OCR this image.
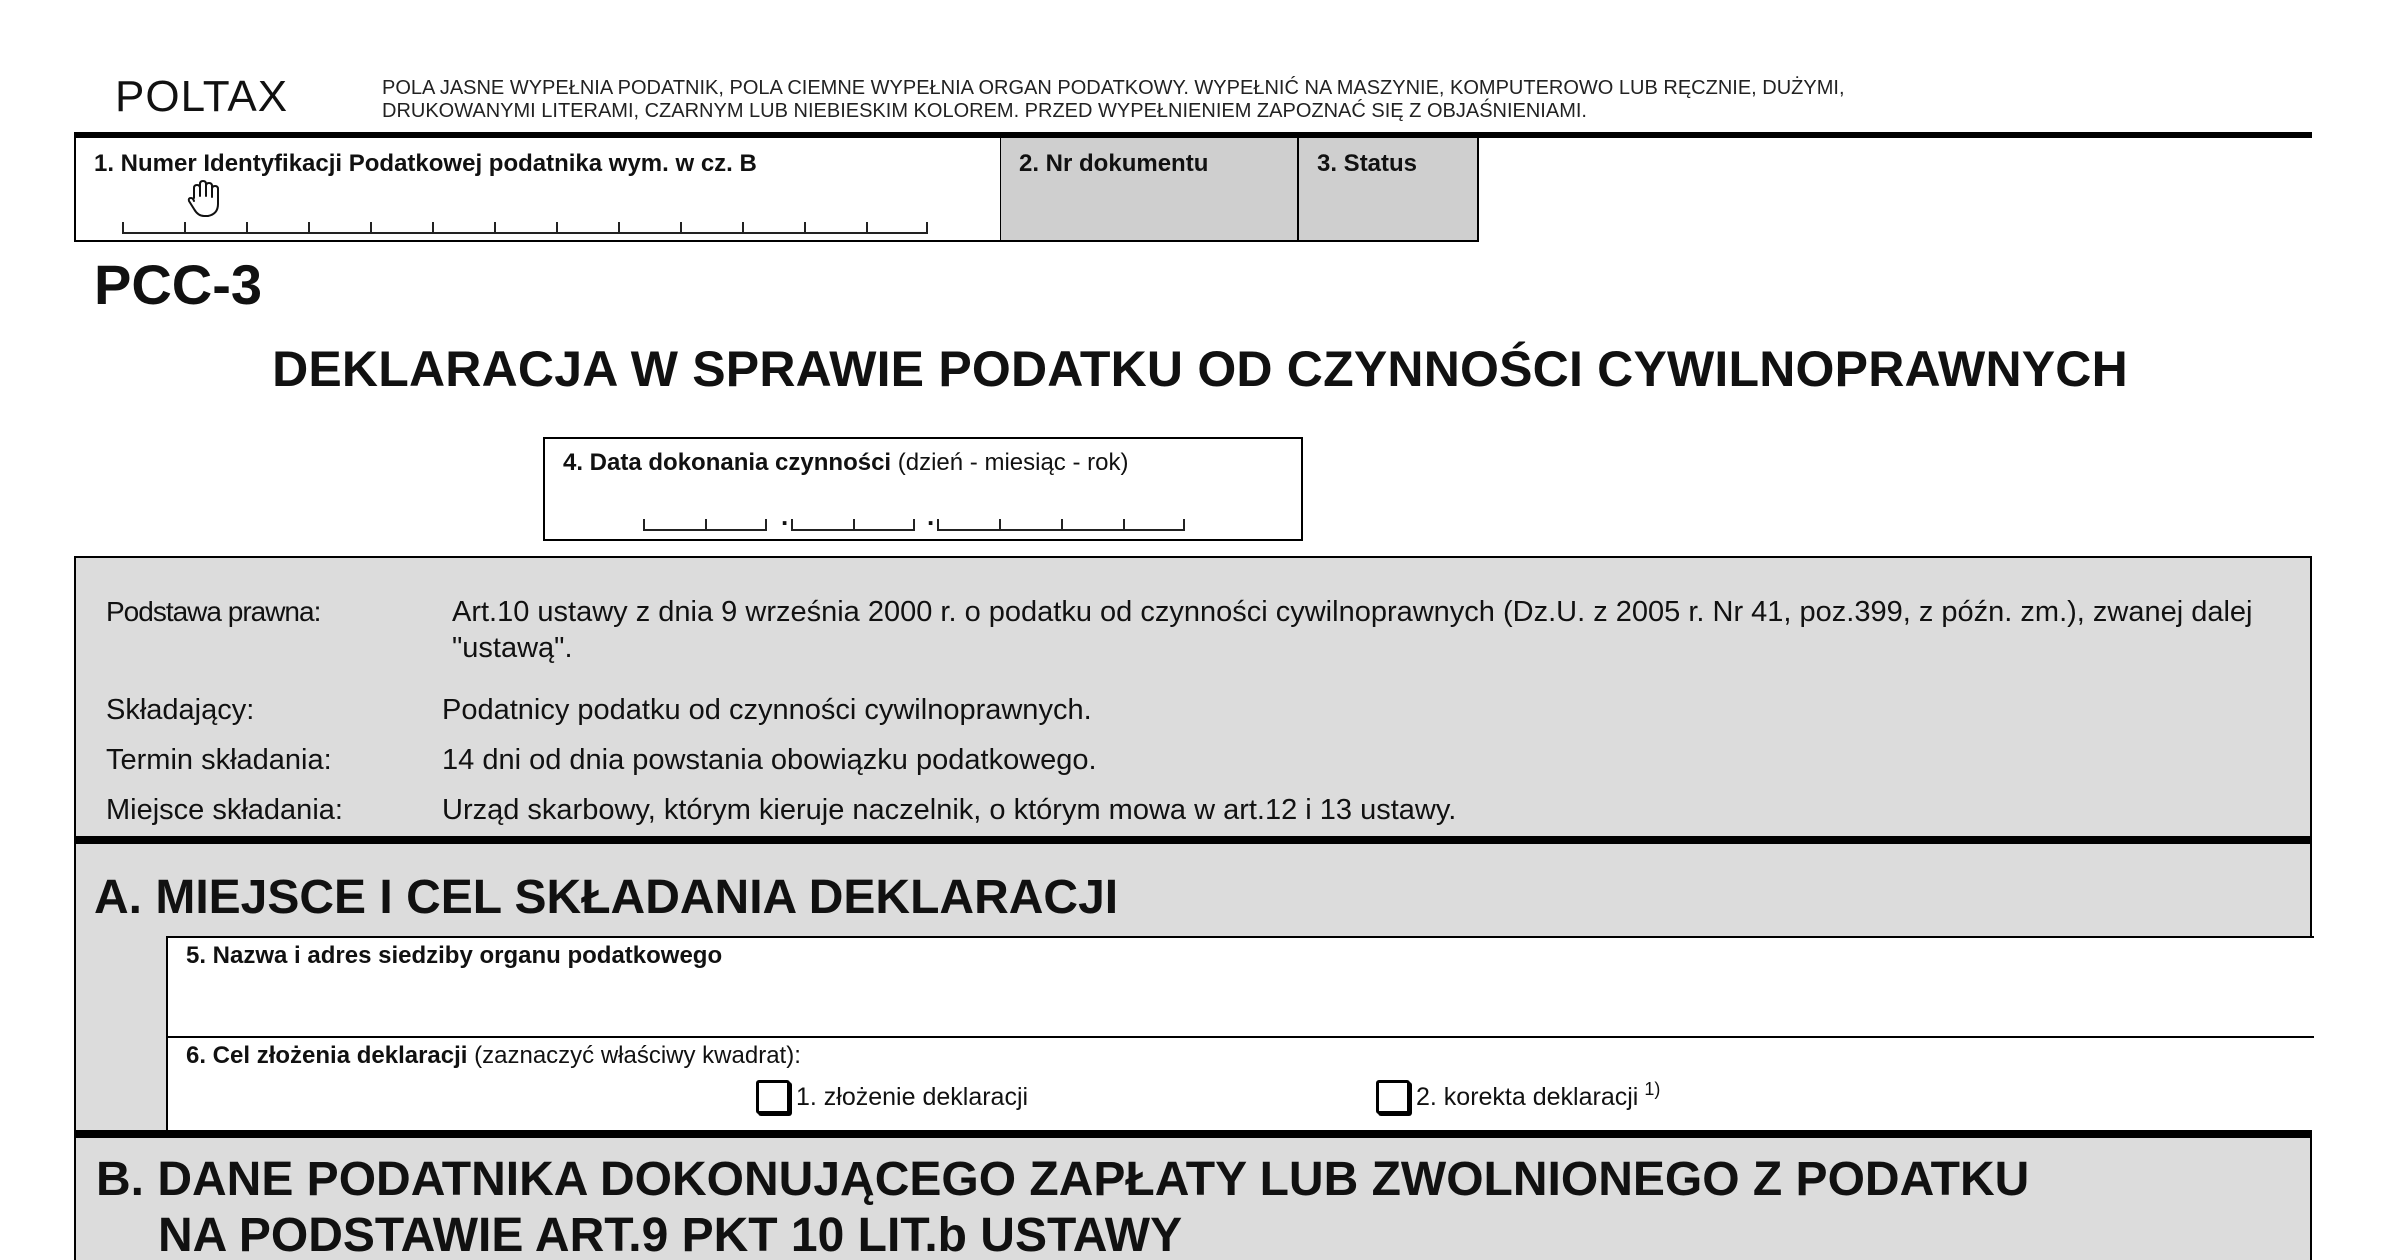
POLTAX	POLA JASNE WYPEŁNIA PODATNIK, POLA CIEMNE WYPEŁNIA ORGAN PODATKOWY. WYPEŁNIĆ NA MASZYNIE, KOMPUTEROWO LUB RĘCZNIE, DUŻYMI,
DRUKOWANYMI LITERAMI, CZARNYM LUB NIEBIESKIM KOLOREM. PRZED WYPEŁNIENIEM ZAPOZNAĆ SIĘ Z OBJAŚNIENIAMI.
1. Numer Identyfikacji Podatkowej podatnika wym. w cz. B	2. Nr dokumentu	3. Status
PCC-3
DEKLARACJA W SPRAWIE PODATKU OD CZYNNOŚCI CYWILNOPRAWNYCH
4. Data dokonania czynności (dzień - miesiąc - rok)
.	.
Podstawa prawna:	Art.10 ustawy z dnia 9 września 2000 r. o podatku od czynności cywilnoprawnych (Dz.U. z 2005 r. Nr 41, poz.399, z późn. zm.), zwanej dalej "ustawą".
Składający:	Podatnicy podatku od czynności cywilnoprawnych.
Termin składania:	14 dni od dnia powstania obowiązku podatkowego.
Miejsce składania:	Urząd skarbowy, którym kieruje naczelnik, o którym mowa w art.12 i 13 ustawy.
A. MIEJSCE I CEL SKŁADANIA DEKLARACJI
5. Nazwa i adres siedziby organu podatkowego
6. Cel złożenia deklaracji (zaznaczyć właściwy kwadrat):
1. złożenie deklaracji	2. korekta deklaracji $^{1)}$
B. DANE PODATNIKA DOKONUJĄCEGO ZAPŁATY LUB ZWOLNIONEGO Z PODATKU
NA PODSTAWIE ART.9 PKT 10 LIT.b USTAWY
